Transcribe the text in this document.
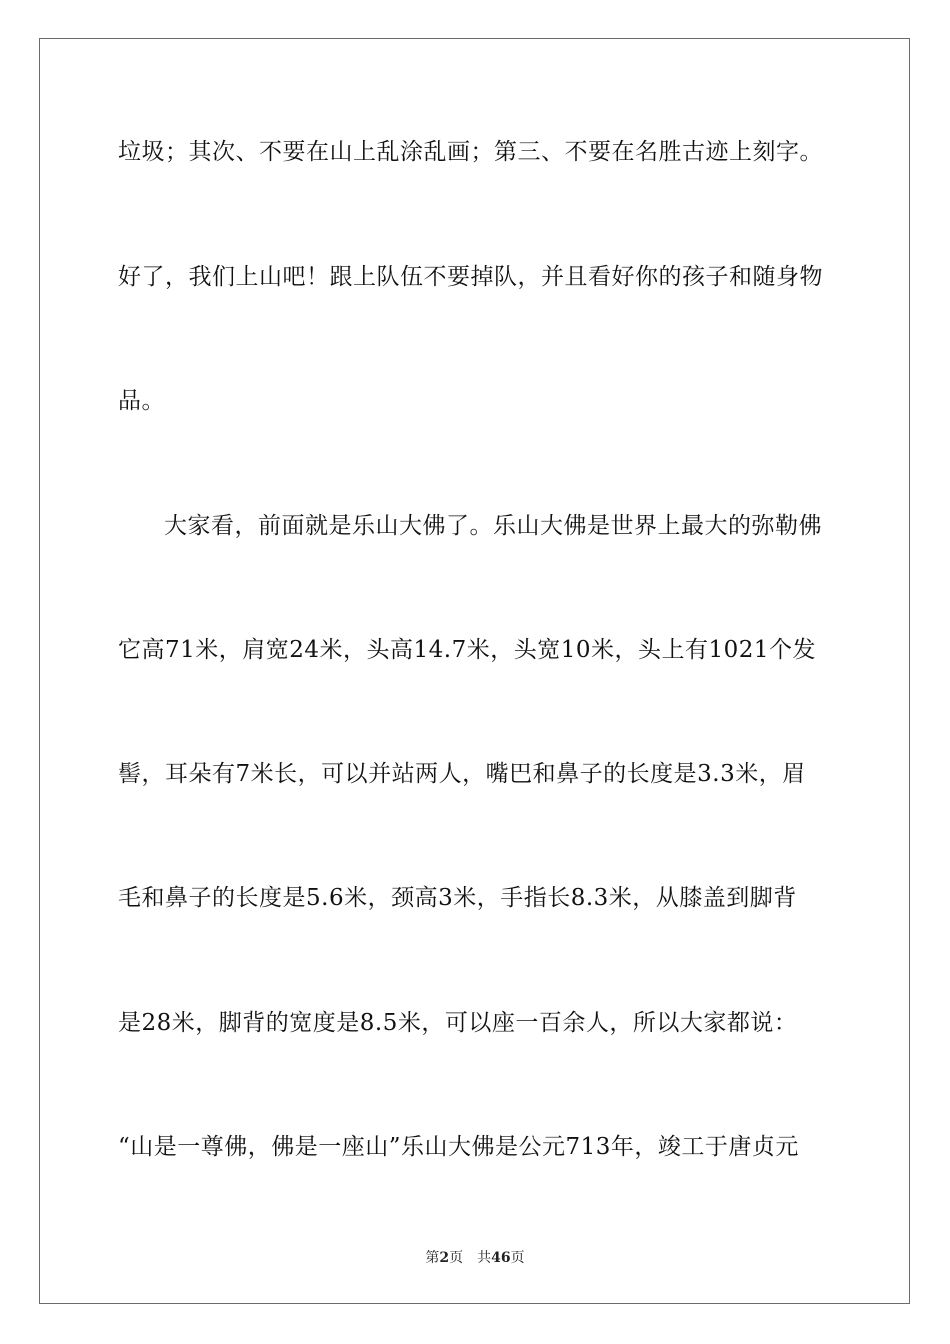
垃圾；其次、不要在山上乱涂乱画；第三、不要在名胜古迹上刻字。
好了，我们上山吧！跟上队伍不要掉队，并且看好你的孩子和随身物
品。
大家看，前面就是乐山大佛了。乐山大佛是世界上最大的弥勒佛
它高71米，肩宽24米，头高14.7米，头宽10米，头上有1021个发
髻，耳朵有7米长，可以并站两人，嘴巴和鼻子的长度是3.3米，眉
毛和鼻子的长度是5.6米，颈高3米，手指长8.3米，从膝盖到脚背
是28米，脚背的宽度是8.5米，可以座一百余人，所以大家都说：
“山是一尊佛，佛是一座山”乐山大佛是公元713年，竣工于唐贞元
第2页 共46页
